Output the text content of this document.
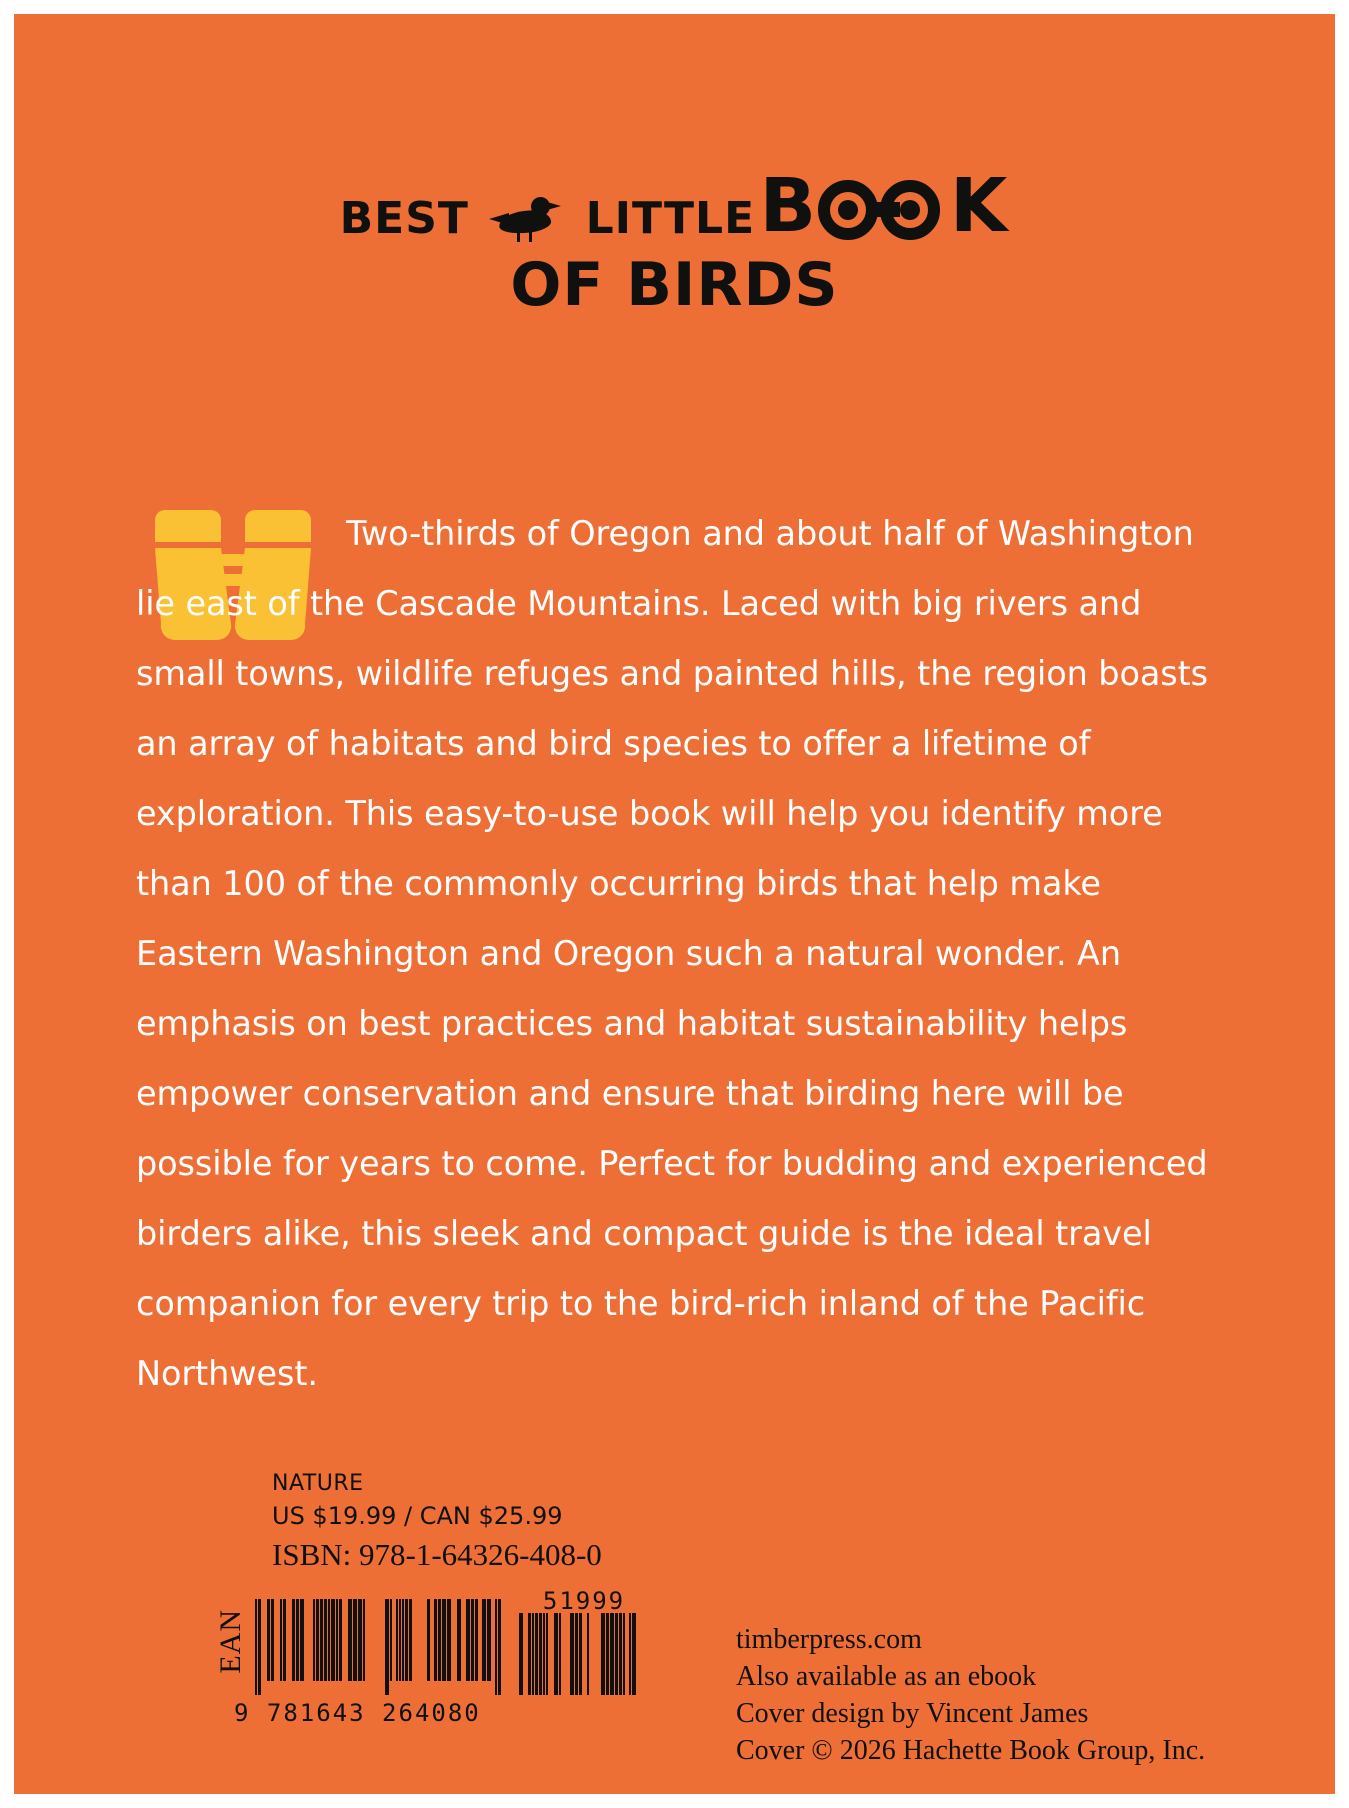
BEST	LITTLE B K
OF BIRDS
Two-thirds of Oregon and about half of Washington lie east of the Cascade Mountains. Laced with big rivers and small towns, wildlife refuges and painted hills, the region boasts an array of habitats and bird species to offer a lifetime of exploration. This easy-to-use book will help you identify more than 100 of the commonly occurring birds that help make Eastern Washington and Oregon such a natural wonder. An emphasis on best practices and habitat sustainability helps empower conservation and ensure that birding here will be possible for years to come. Perfect for budding and experienced birders alike, this sleek and compact guide is the ideal travel companion for every trip to the bird-rich inland of the Pacific Northwest.
NATURE
US $19.99 / CAN $25.99
ISBN: 978-1-64326-408-0
EAN
9 781643 264080
51999
timberpress.com
Also available as an ebook
Cover design by Vincent James
Cover © 2026 Hachette Book Group, Inc.
